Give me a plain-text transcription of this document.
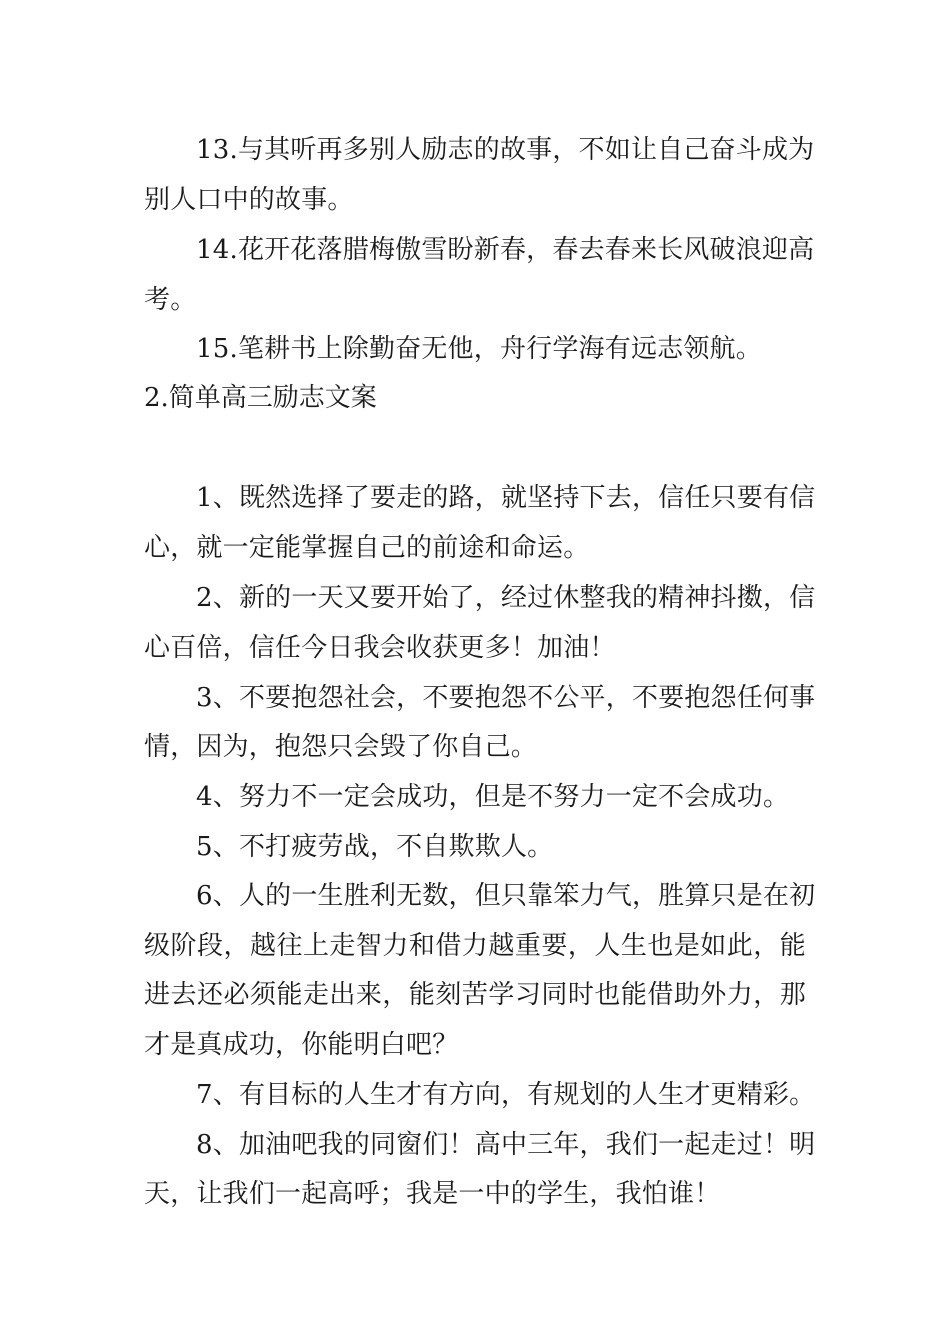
13.与其听再多别人励志的故事，不如让自己奋斗成为
别人口中的故事。
14.花开花落腊梅傲雪盼新春，春去春来长风破浪迎高
考。
15.笔耕书上除勤奋无他，舟行学海有远志领航。
2.简单高三励志文案
1、既然选择了要走的路，就坚持下去，信任只要有信
心，就一定能掌握自己的前途和命运。
2、新的一天又要开始了，经过休整我的精神抖擞，信
心百倍，信任今日我会收获更多！加油！
3、不要抱怨社会，不要抱怨不公平，不要抱怨任何事
情，因为，抱怨只会毁了你自己。
4、努力不一定会成功，但是不努力一定不会成功。
5、不打疲劳战，不自欺欺人。
6、人的一生胜利无数，但只靠笨力气，胜算只是在初
级阶段，越往上走智力和借力越重要，人生也是如此，能
进去还必须能走出来，能刻苦学习同时也能借助外力，那
才是真成功，你能明白吧？
7、有目标的人生才有方向，有规划的人生才更精彩。
8、加油吧我的同窗们！高中三年，我们一起走过！明
天，让我们一起高呼；我是一中的学生，我怕谁！
